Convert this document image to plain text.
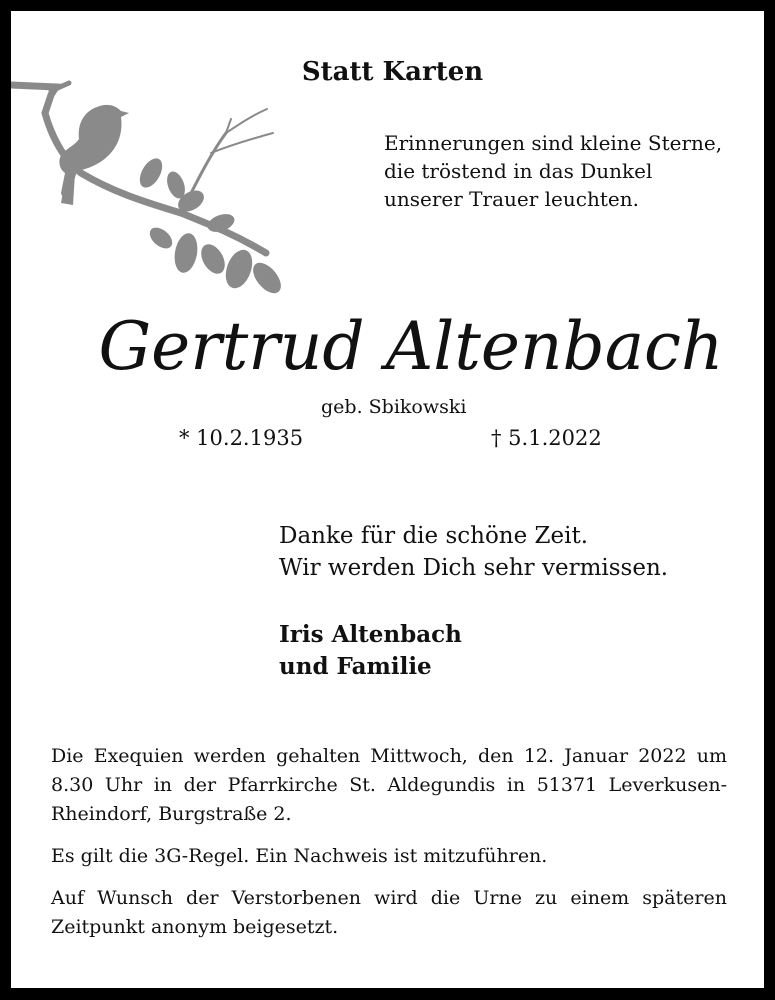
Statt Karten
Erinnerungen sind kleine Sterne,
die tröstend in das Dunkel
unserer Trauer leuchten.
Gertrud Altenbach
geb. Sbikowski
* 10.2.1935	† 5.1.2022
Danke für die schöne Zeit.
Wir werden Dich sehr vermissen.
Iris Altenbach
und Familie

Die Exequien werden gehalten Mittwoch, den 12. Januar 2022 um 8.30 Uhr in der Pfarrkirche St. Aldegundis in 51371 Leverkusen-Rheindorf, Burgstraße 2.

Es gilt die 3G-Regel. Ein Nachweis ist mitzuführen.

Auf Wunsch der Verstorbenen wird die Urne zu einem späteren Zeitpunkt anonym beigesetzt.
